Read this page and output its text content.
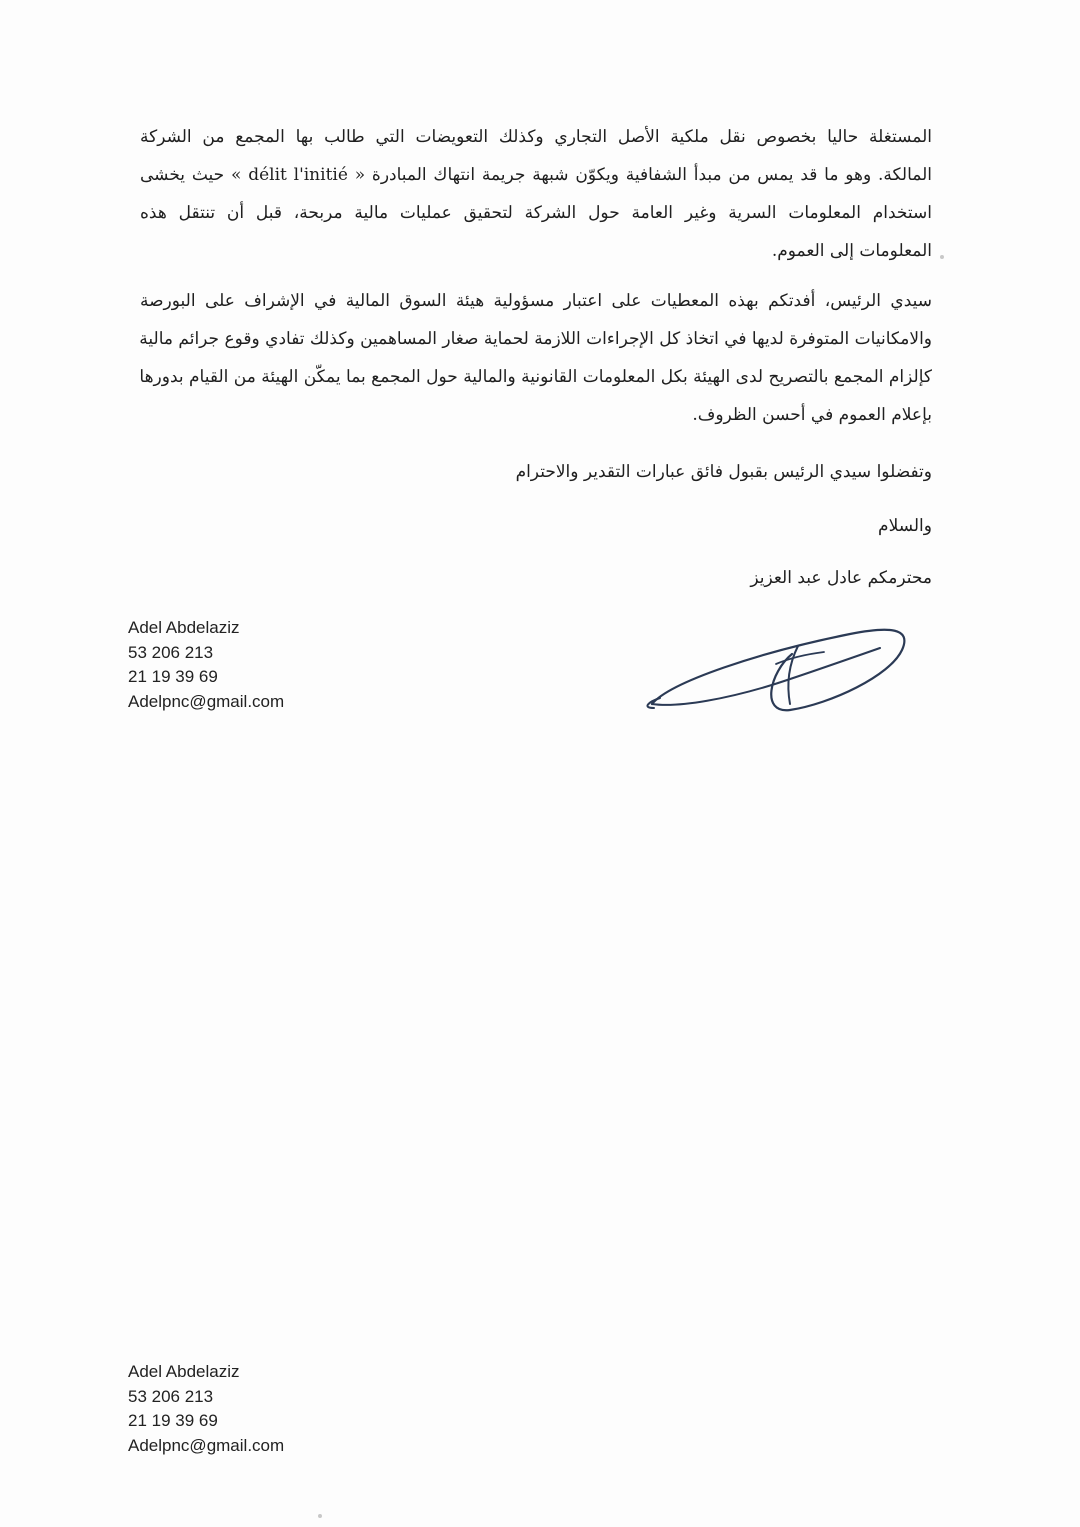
المستغلة حاليا بخصوص نقل ملكية الأصل التجاري وكذلك التعويضات التي طالب بها المجمع من الشركة
المالكة. وهو ما قد يمس من مبدأ الشفافية ويكوّن شبهة جريمة انتهاك المبادرة « délit l'initié » حيث يخشى
استخدام المعلومات السرية وغير العامة حول الشركة لتحقيق عمليات مالية مربحة، قبل أن تنتقل هذه
المعلومات إلى العموم.
سيدي الرئيس، أفدتكم بهذه المعطيات على اعتبار مسؤولية هيئة السوق المالية في الإشراف على البورصة
والامكانيات المتوفرة لديها في اتخاذ كل الإجراءات اللازمة لحماية صغار المساهمين وكذلك تفادي وقوع جرائم مالية
كإلزام المجمع بالتصريح لدى الهيئة بكل المعلومات القانونية والمالية حول المجمع بما يمكّن الهيئة من القيام بدورها
بإعلام العموم في أحسن الظروف.
وتفضلوا سيدي الرئيس بقبول فائق عبارات التقدير والاحترام
والسلام
محترمكم عادل عبد العزيز
Adel Abdelaziz
53 206 213
21 19 39 69
Adelpnc@gmail.com
Adel Abdelaziz
53 206 213
21 19 39 69
Adelpnc@gmail.com
